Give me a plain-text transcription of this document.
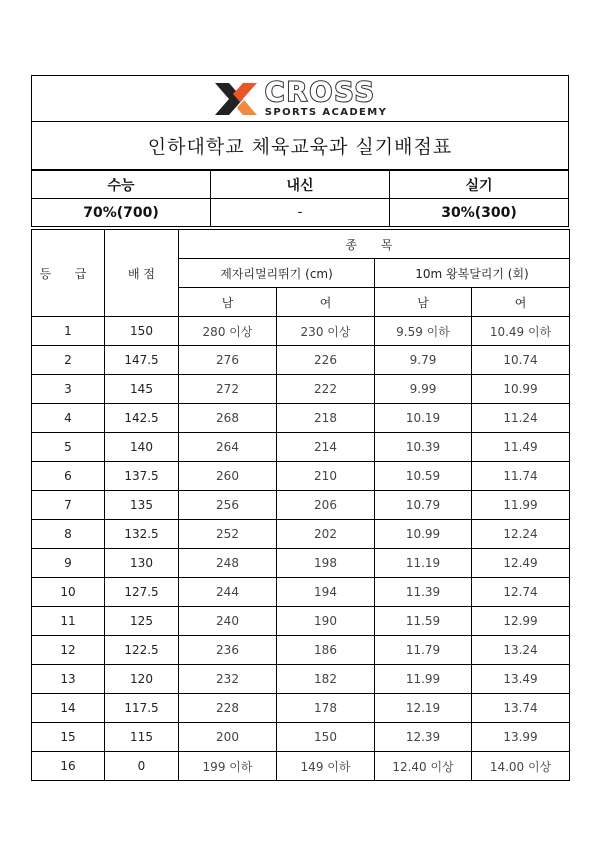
CROSS
SPORTS ACADEMY
인하대학교 체육교육과 실기배점표
수능	내신	실기
70%(700)	-	30%(300)
등 급	배 점	종 목			
		제자리멀리뛰기 (cm)		10m 왕복달리기 (회)	
		남	여	남	여
1	150	280 이상	230 이상	9.59 이하	10.49 이하
2	147.5	276	226	9.79	10.74
3	145	272	222	9.99	10.99
4	142.5	268	218	10.19	11.24
5	140	264	214	10.39	11.49
6	137.5	260	210	10.59	11.74
7	135	256	206	10.79	11.99
8	132.5	252	202	10.99	12.24
9	130	248	198	11.19	12.49
10	127.5	244	194	11.39	12.74
11	125	240	190	11.59	12.99
12	122.5	236	186	11.79	13.24
13	120	232	182	11.99	13.49
14	117.5	228	178	12.19	13.74
15	115	200	150	12.39	13.99
16	0	199 이하	149 이하	12.40 이상	14.00 이상
